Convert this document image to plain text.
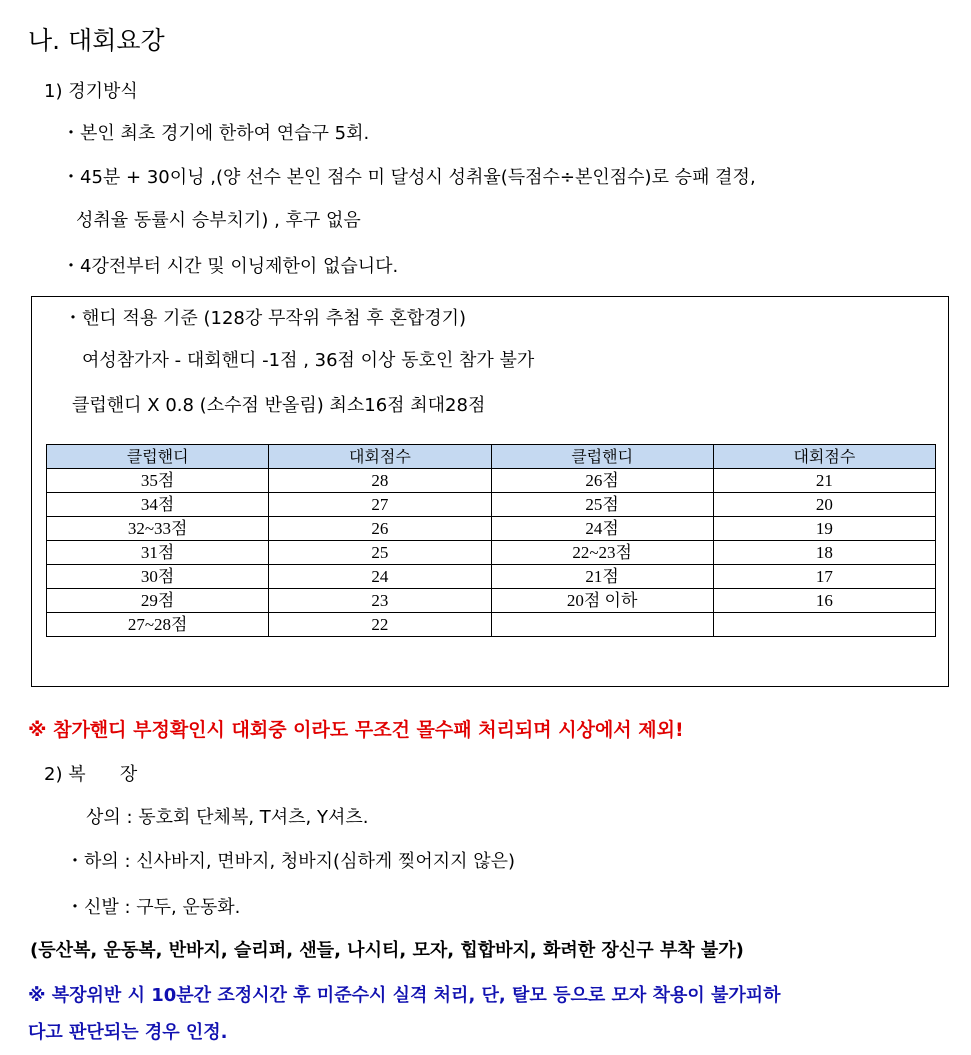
나. 대회요강
1) 경기방식
・본인 최초 경기에 한하여 연습구 5회.
・45분 + 30이닝 ,(양 선수 본인 점수 미 달성시 성취율(득점수÷본인점수)로 승패 결정,
성취율 동률시 승부치기) , 후구 없음
・4강전부터 시간 및 이닝제한이 없습니다.
・핸디 적용 기준 (128강 무작위 추첨 후 혼합경기)
여성참가자 - 대회핸디 -1점 , 36점 이상 동호인 참가 불가
클럽핸디 X 0.8 (소수점 반올림) 최소16점 최대28점
클럽핸디	대회점수	클럽핸디	대회점수
35점	28	26점	21
34점	27	25점	20
32~33점	26	24점	19
31점	25	22~23점	18
30점	24	21점	17
29점	23	20점 이하	16
27~28점	22		
※ 참가핸디 부정확인시 대회중 이라도 무조건 몰수패 처리되며 시상에서 제외!
2) 복      장
상의 : 동호회 단체복, T셔츠, Y셔츠.
・하의 : 신사바지, 면바지, 청바지(심하게 찢어지지 않은)
・신발 : 구두, 운동화.
(등산복, 운동복, 반바지, 슬리퍼, 샌들, 나시티, 모자, 힙합바지, 화려한 장신구 부착 불가)
※ 복장위반 시 10분간 조정시간 후 미준수시 실격 처리, 단, 탈모 등으로 모자 착용이 불가피하
다고 판단되는 경우 인정.
